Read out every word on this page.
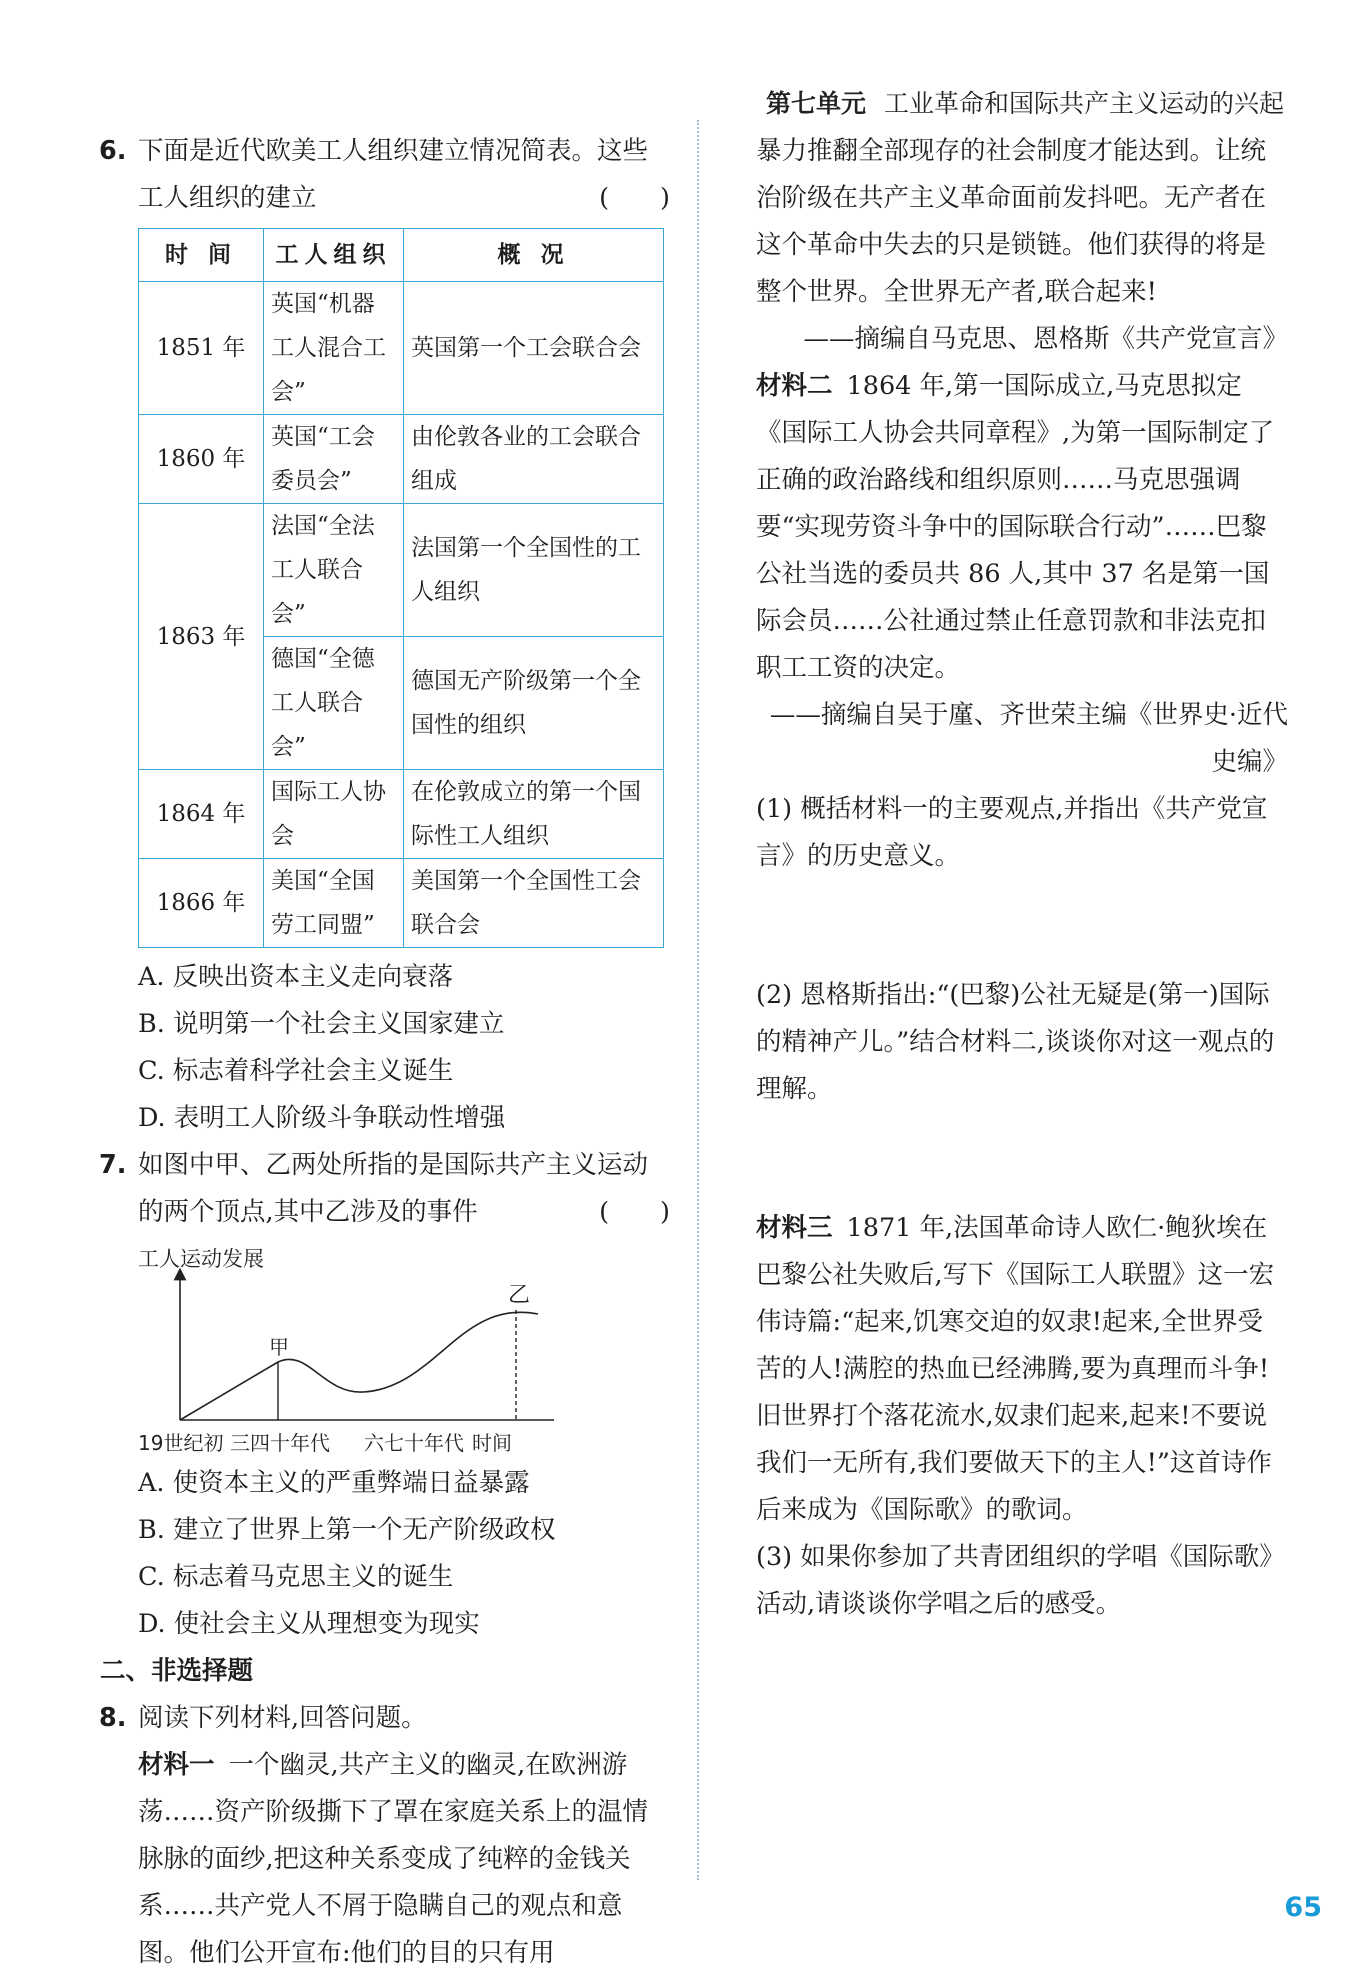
第七单元 工业革命和国际共产主义运动的兴起
6. 下面是近代欧美工人组织建立情况简表。这些工人组织的建立	(　　)
时 间	工人组织	概 况
1851 年	英国“机器工人混合工会”	英国第一个工会联合会
1860 年	英国“工会委员会”	由伦敦各业的工会联合组成
1863 年	法国“全法工人联合会”	法国第一个全国性的工人组织
	德国“全德工人联合会”	德国无产阶级第一个全国性的组织
1864 年	国际工人协会	在伦敦成立的第一个国际性工人组织
1866 年	美国“全国劳工同盟”	美国第一个全国性工会联合会
A. 反映出资本主义走向衰落
B. 说明第一个社会主义国家建立
C. 标志着科学社会主义诞生
D. 表明工人阶级斗争联动性增强
7. 如图中甲、乙两处所指的是国际共产主义运动的两个顶点,其中乙涉及的事件	(　　)
工人运动发展
甲
乙
19世纪初 三四十年代 六七十年代 时间
A. 使资本主义的严重弊端日益暴露
B. 建立了世界上第一个无产阶级政权
C. 标志着马克思主义的诞生
D. 使社会主义从理想变为现实
二、非选择题
8. 阅读下列材料,回答问题。
材料一 一个幽灵,共产主义的幽灵,在欧洲游荡……资产阶级撕下了罩在家庭关系上的温情脉脉的面纱,把这种关系变成了纯粹的金钱关系……共产党人不屑于隐瞒自己的观点和意图。他们公开宣布:他们的目的只有用
暴力推翻全部现存的社会制度才能达到。让统治阶级在共产主义革命面前发抖吧。无产者在这个革命中失去的只是锁链。他们获得的将是整个世界。全世界无产者,联合起来!
——摘编自马克思、恩格斯《共产党宣言》
材料二 1864 年,第一国际成立,马克思拟定《国际工人协会共同章程》,为第一国际制定了正确的政治路线和组织原则……马克思强调要“实现劳资斗争中的国际联合行动”……巴黎公社当选的委员共 86 人,其中 37 名是第一国际会员……公社通过禁止任意罚款和非法克扣职工工资的决定。
——摘编自吴于廑、齐世荣主编《世界史·近代
史编》
(1) 概括材料一的主要观点,并指出《共产党宣言》的历史意义。
(2) 恩格斯指出:“(巴黎)公社无疑是(第一)国际的精神产儿。”结合材料二,谈谈你对这一观点的理解。
材料三 1871 年,法国革命诗人欧仁·鲍狄埃在巴黎公社失败后,写下《国际工人联盟》这一宏伟诗篇:“起来,饥寒交迫的奴隶!起来,全世界受苦的人!满腔的热血已经沸腾,要为真理而斗争!旧世界打个落花流水,奴隶们起来,起来!不要说我们一无所有,我们要做天下的主人!”这首诗作后来成为《国际歌》的歌词。
(3) 如果你参加了共青团组织的学唱《国际歌》活动,请谈谈你学唱之后的感受。
65
